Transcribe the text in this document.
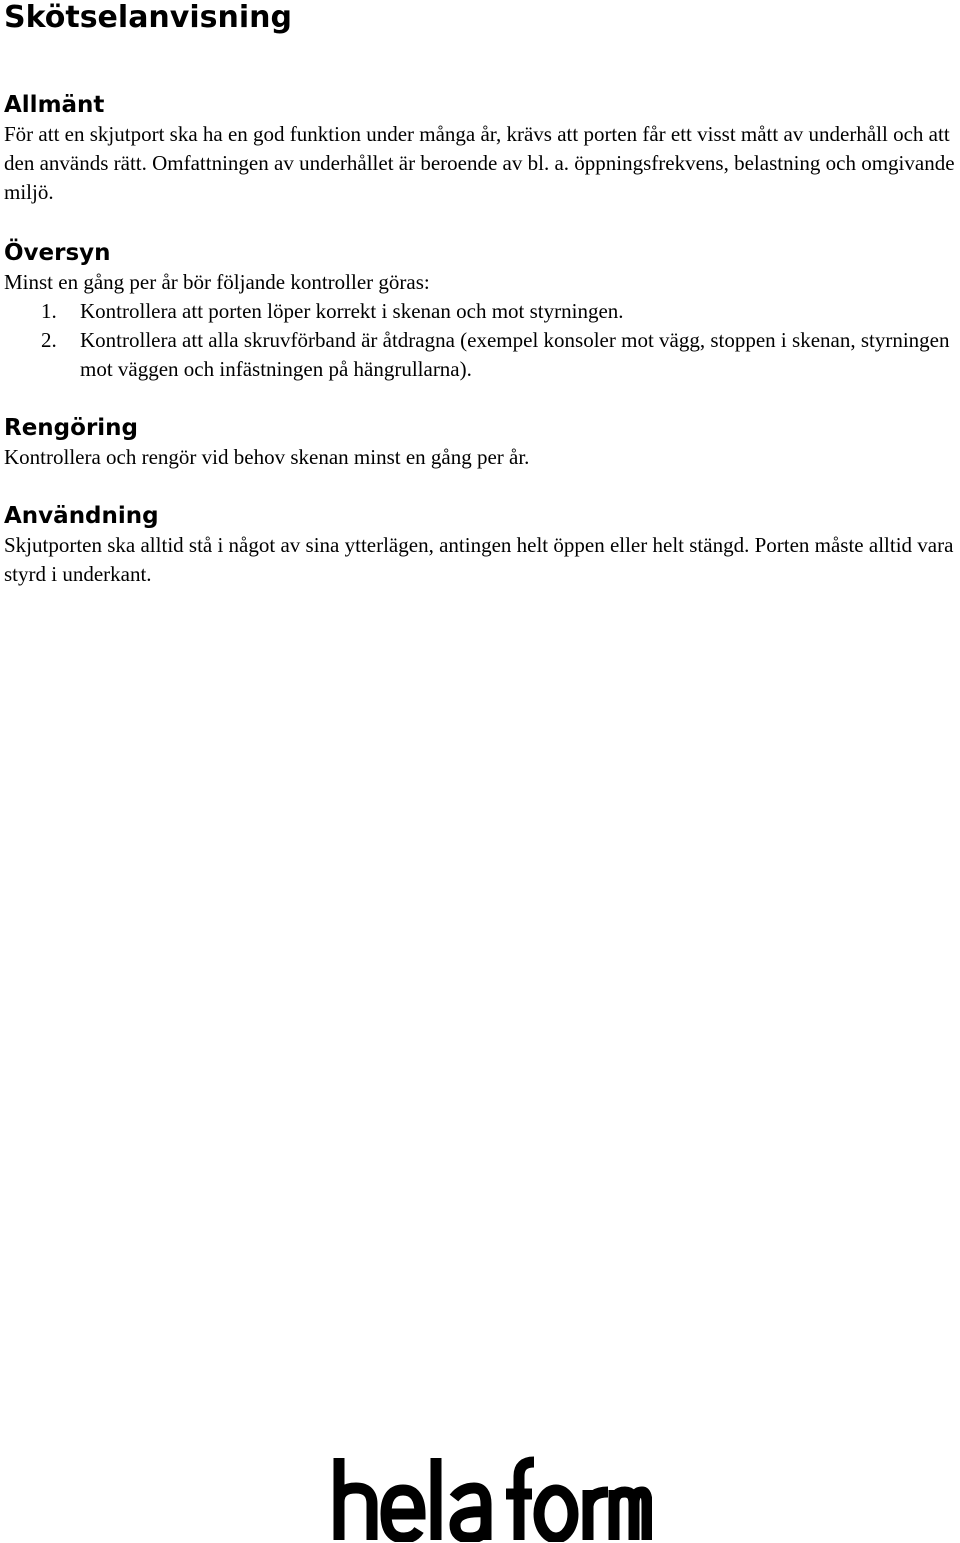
Skötselanvisning
Allmänt

För att en skjutport ska ha en god funktion under många år, krävs att porten får ett visst mått av underhåll och att den används rätt. Omfattningen av underhållet är beroende av bl. a. öppningsfrekvens, belastning och omgivande miljö.

Översyn

Minst en gång per år bör följande kontroller göras:

1. Kontrollera att porten löper korrekt i skenan och mot styrningen.
2. Kontrollera att alla skruvförband är åtdragna (exempel konsoler mot vägg, stoppen i skenan, styrningen mot väggen och infästningen på hängrullarna).
Rengöring

Kontrollera och rengör vid behov skenan minst en gång per år.

Användning

Skjutporten ska alltid stå i något av sina ytterlägen, antingen helt öppen eller helt stängd. Porten måste alltid vara styrd i underkant.
